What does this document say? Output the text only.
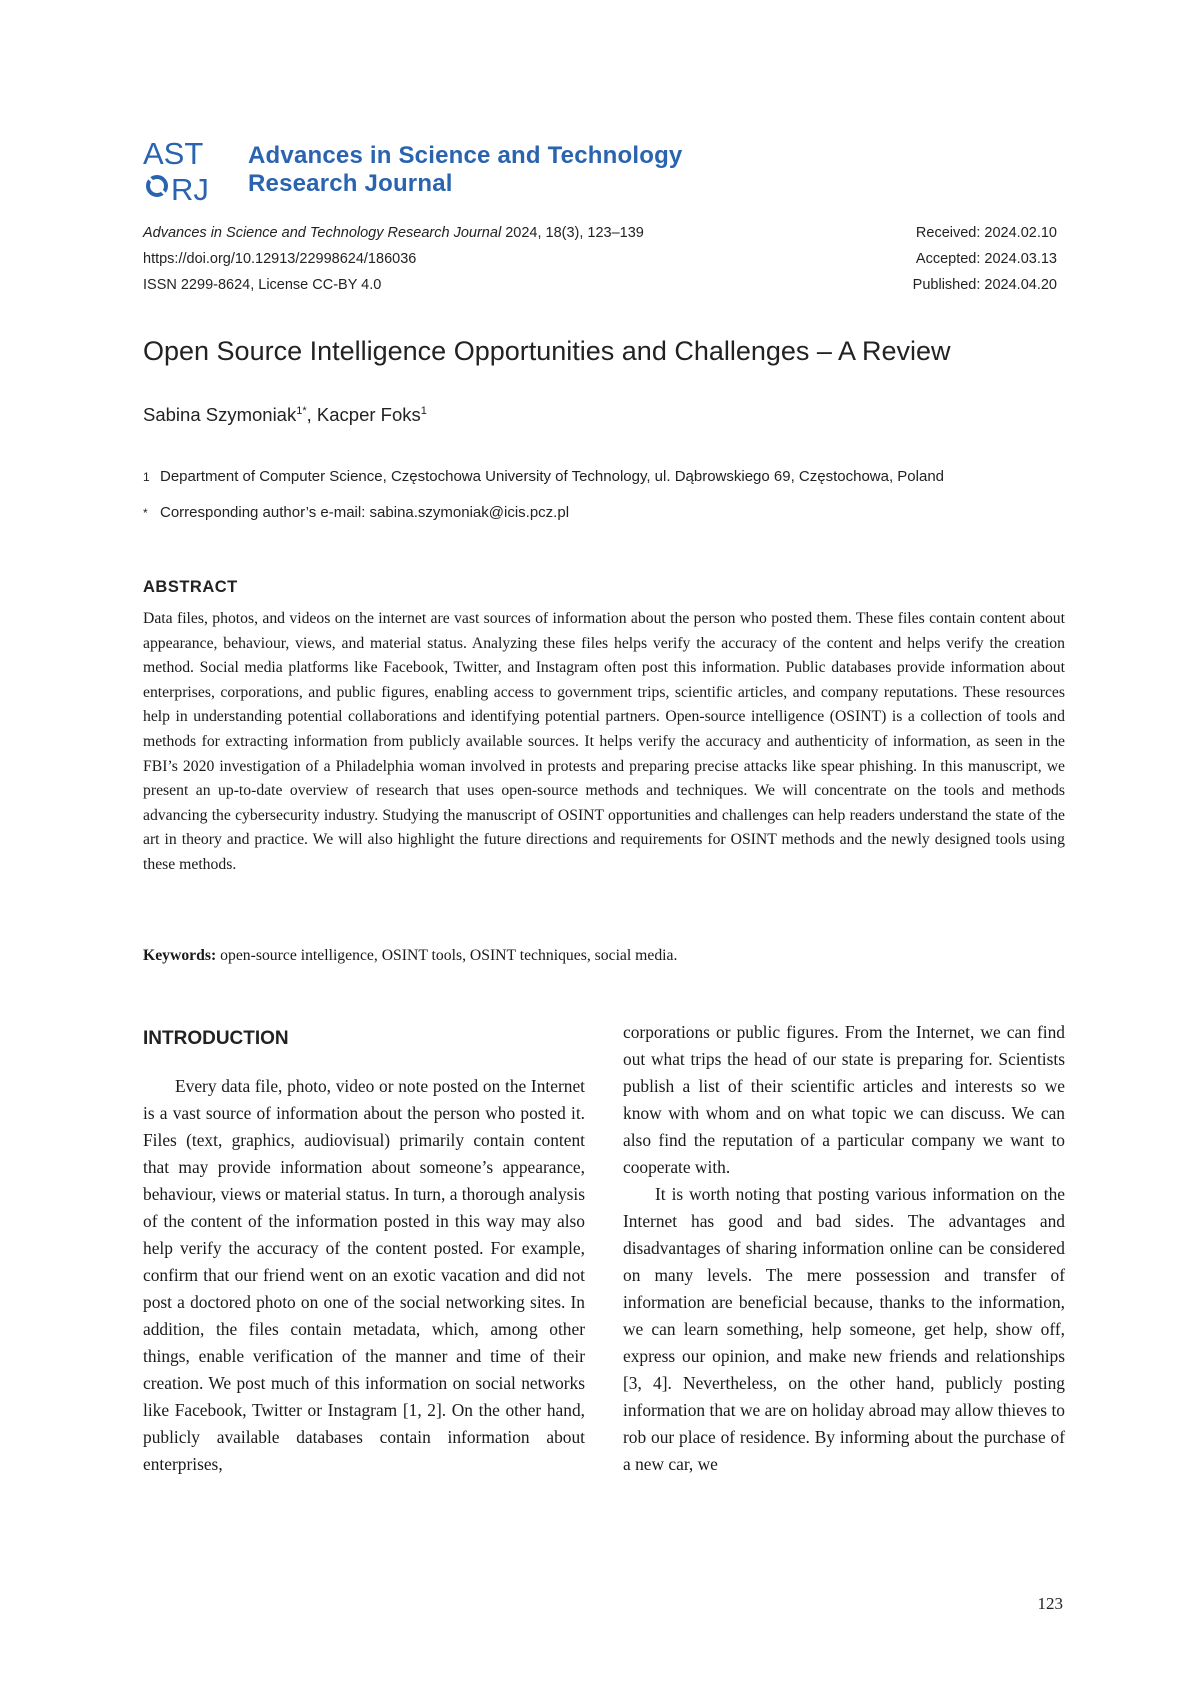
AST
RJ
Advances in Science and Technology
Research Journal
Advances in Science and Technology Research Journal 2024, 18(3), 123–139
https://doi.org/10.12913/22998624/186036
ISSN 2299-8624, License CC-BY 4.0
Received: 2024.02.10
Accepted: 2024.03.13
Published: 2024.04.20
Open Source Intelligence Opportunities and Challenges – A Review
Sabina Szymoniak$^{1*}$, Kacper Foks$^1$
1 Department of Computer Science, Częstochowa University of Technology, ul. Dąbrowskiego 69, Częstochowa, Poland
* Corresponding author’s e-mail: sabina.szymoniak@icis.pcz.pl
ABSTRACT
Data files, photos, and videos on the internet are vast sources of information about the person who posted them. These files contain content about appearance, behaviour, views, and material status. Analyzing these files helps verify the accuracy of the content and helps verify the creation method. Social media platforms like Facebook, Twitter, and Instagram often post this information. Public databases provide information about enterprises, corporations, and public figures, enabling access to government trips, scientific articles, and company reputations. These resources help in understanding potential collaborations and identifying potential partners. Open-source intelligence (OSINT) is a collection of tools and methods for extracting information from publicly available sources. It helps verify the accuracy and authenticity of information, as seen in the FBI’s 2020 investigation of a Philadelphia woman involved in protests and preparing precise attacks like spear phishing. In this manuscript, we present an up-to-date overview of research that uses open-source methods and techniques. We will concentrate on the tools and methods advancing the cybersecurity industry. Studying the manuscript of OSINT opportunities and challenges can help readers understand the state of the art in theory and practice. We will also highlight the future directions and requirements for OSINT methods and the newly designed tools using these methods.
Keywords: open-source intelligence, OSINT tools, OSINT techniques, social media.
INTRODUCTION

Every data file, photo, video or note posted on the Internet is a vast source of information about the person who posted it. Files (text, graphics, audiovisual) primarily contain content that may provide information about someone’s appearance, behaviour, views or material status. In turn, a thorough analysis of the content of the information posted in this way may also help verify the accuracy of the content posted. For example, confirm that our friend went on an exotic vacation and did not post a doctored photo on one of the social networking sites. In addition, the files contain metadata, which, among other things, enable verification of the manner and time of their creation. We post much of this information on social networks like Facebook, Twitter or Instagram [1, 2]. On the other hand, publicly available databases contain information about enterprises,

corporations or public figures. From the Internet, we can find out what trips the head of our state is preparing for. Scientists publish a list of their scientific articles and interests so we know with whom and on what topic we can discuss. We can also find the reputation of a particular company we want to cooperate with.

It is worth noting that posting various information on the Internet has good and bad sides. The advantages and disadvantages of sharing information online can be considered on many levels. The mere possession and transfer of information are beneficial because, thanks to the information, we can learn something, help someone, get help, show off, express our opinion, and make new friends and relationships [3, 4]. Nevertheless, on the other hand, publicly posting information that we are on holiday abroad may allow thieves to rob our place of residence. By informing about the purchase of a new car, we

123
